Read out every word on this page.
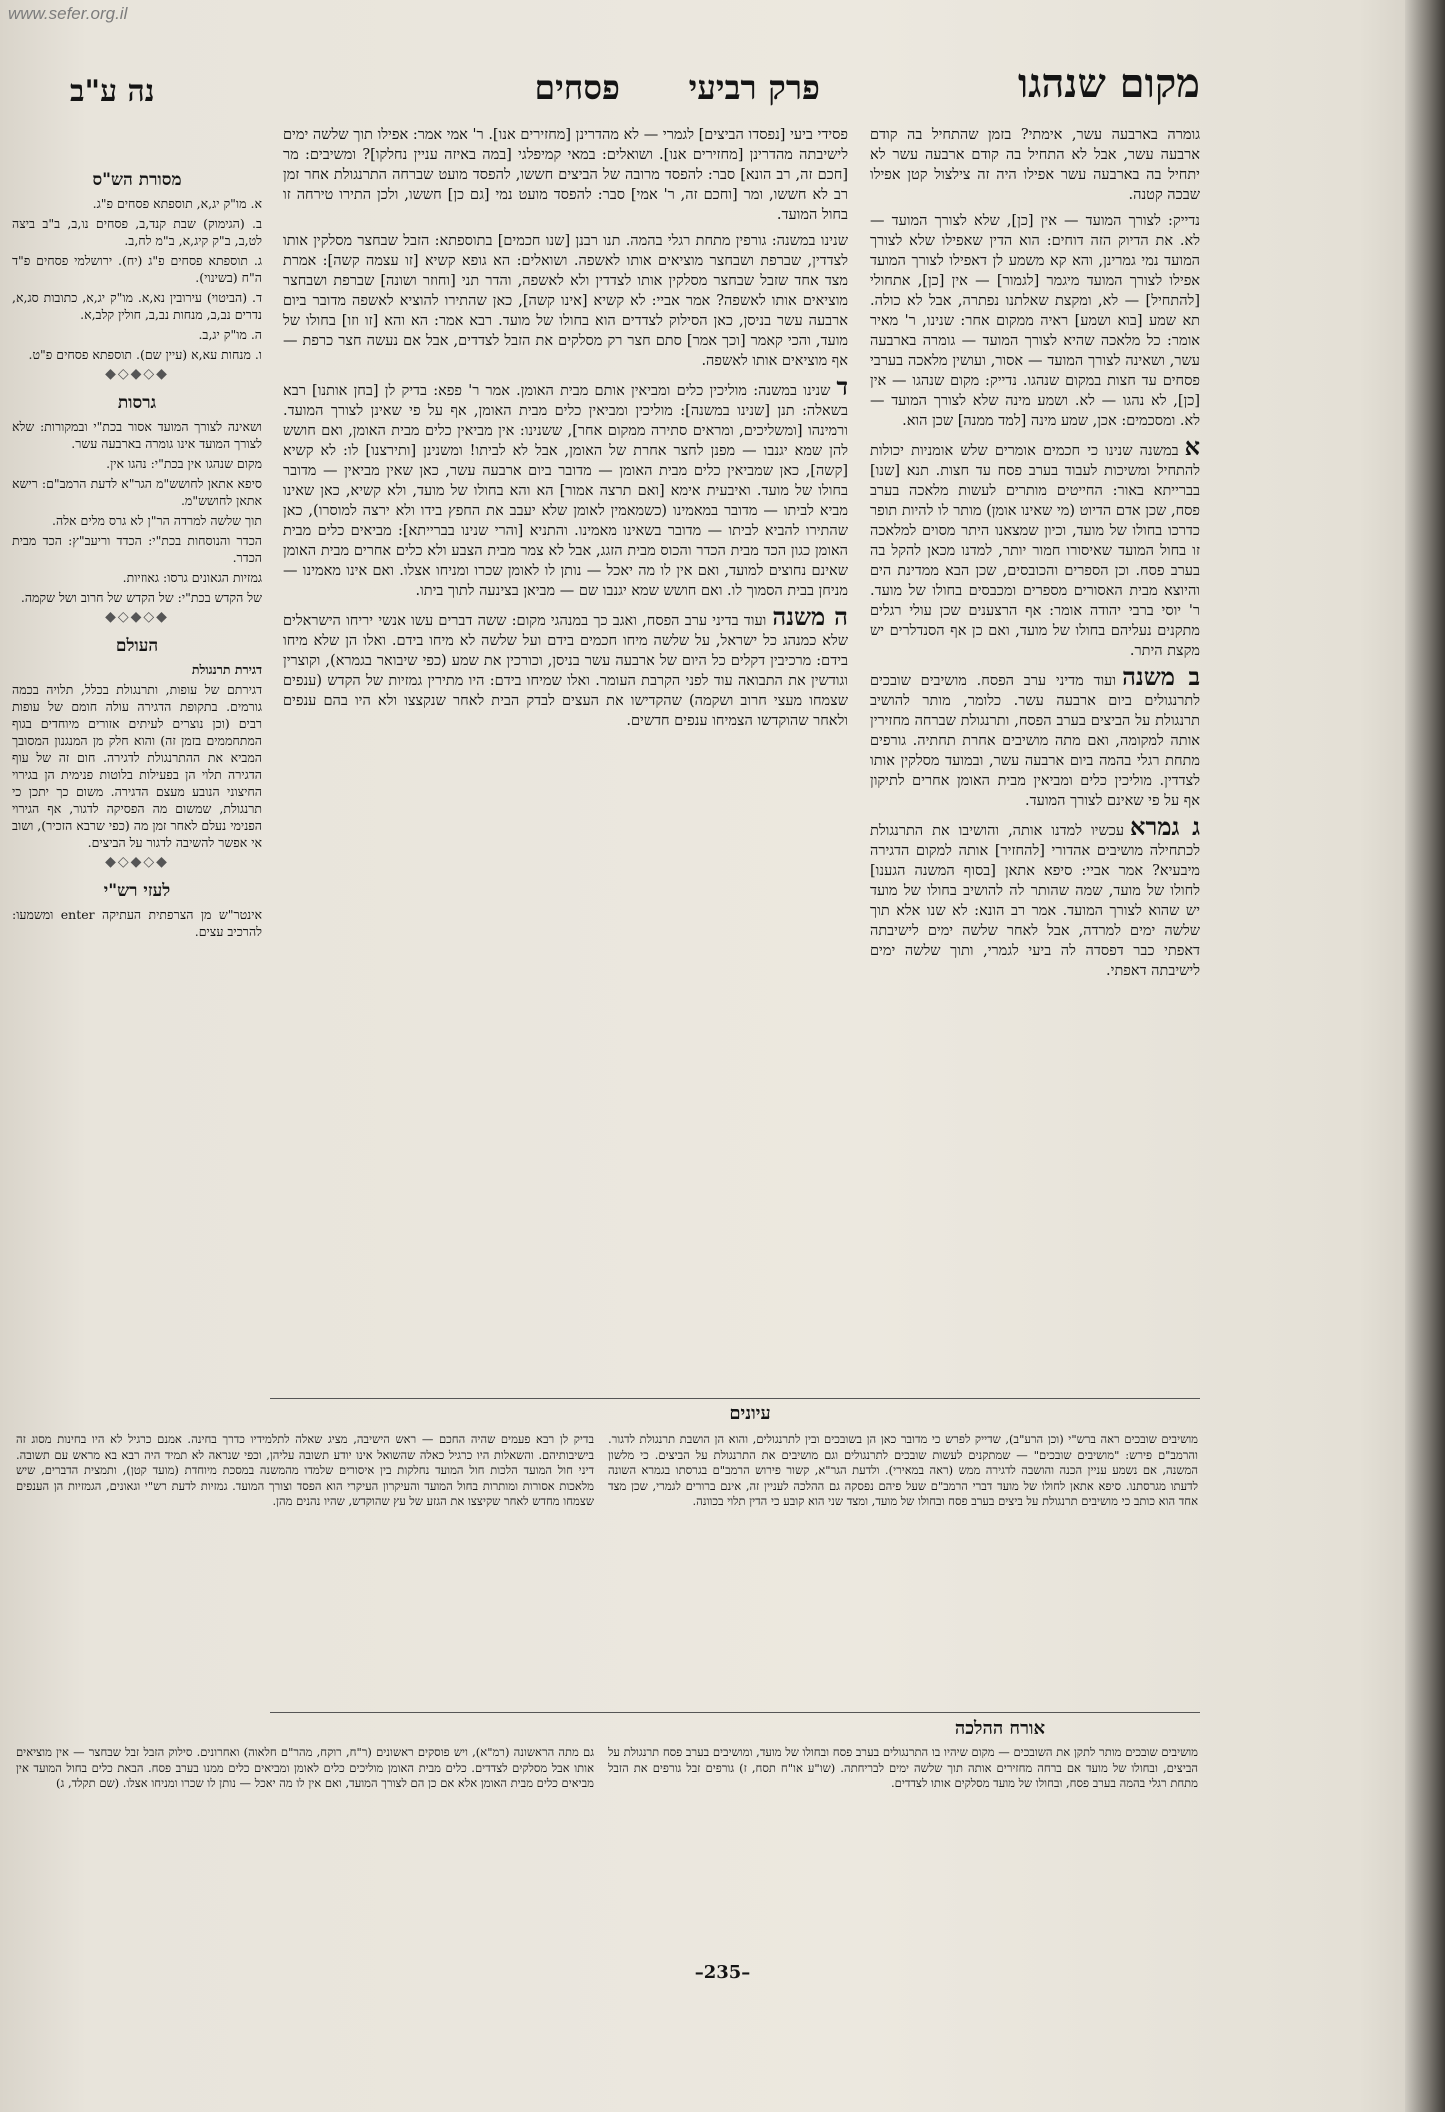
www.sefer.org.il
מקום שנהגו
פרק רביעי
פסחים
נה ע"ב

גומרה בארבעה עשר, אימתי? בזמן שהתחיל בה קודם ארבעה עשר, אבל לא התחיל בה קודם ארבעה עשר לא יתחיל בה בארבעה עשר אפילו היה זה צילצול קטן אפילו שבכה קטנה.

נדייק: לצורך המועד — אין [כן], שלא לצורך המועד — לא. את הדיוק הזה דוחים: הוא הדין שאפילו שלא לצורך המועד נמי גמרינן, והא קא משמע לן דאפילו לצורך המועד אפילו לצורך המועד מיגמר [לגמור] — אין [כן], אתחולי [להתחיל] — לא, ומקצת שאלתנו נפתרה, אבל לא כולה. תא שמע [בוא ושמע] ראיה ממקום אחר: שנינו, ר' מאיר אומר: כל מלאכה שהיא לצורך המועד — גומרה בארבעה עשר, ושאינה לצורך המועד — אסור, ועושין מלאכה בערבי פסחים עד חצות במקום שנהגו. נדייק: מקום שנהגו — אין [כן], לא נהגו — לא. ושמע מינה שלא לצורך המועד — לא. ומסכמים: אכן, שמע מינה [למד ממנה] שכן הוא.

אבמשנה שנינו כי חכמים אומרים שלש אומניות יכולות להתחיל ומשיכות לעבוד בערב פסח עד חצות. תנא [שנו] בברייתא באור: החייטים מותרים לעשות מלאכה בערב פסח, שכן אדם הדיוט (מי שאינו אומן) מותר לו להיות תופר כדרכו בחולו של מועד, וכיון שמצאנו היתר מסוים למלאכה זו בחול המועד שאיסורו חמור יותר, למדנו מכאן להקל בה בערב פסח. וכן הספרים והכובסים, שכן הבא ממדינת הים והיוצא מבית האסורים מספרים ומכבסים בחולו של מועד. ר' יוסי ברבי יהודה אומר: אף הרצענים שכן עולי רגלים מתקנים נעליהם בחולו של מועד, ואם כן אף הסנדלרים יש מקצת היתר.

ב משנהועוד מדיני ערב הפסח. מושיבים שובכים לתרנגולים ביום ארבעה עשר. כלומר, מותר להושיב תרנגולת על הביצים בערב הפסח, ותרנגולת שברחה מחזירין אותה למקומה, ואם מתה מושיבים אחרת תחתיה. גורפים מתחת רגלי בהמה ביום ארבעה עשר, ובמועד מסלקין אותו לצדדין. מוליכין כלים ומביאין מבית האומן אחרים לתיקון אף על פי שאינם לצורך המועד.

ג גמראעכשיו למדנו אותה, והושיבו את התרנגולת לכתחילה מושיבים אהדורי [להחזיר] אותה למקום הדגירה מיבעיא? אמר אביי: סיפא אתאן [בסוף המשנה הגענו] לחולו של מועד, שמה שהותר לה להושיב בחולו של מועד יש שהוא לצורך המועד. אמר רב הונא: לא שנו אלא תוך שלשה ימים למרדה, אבל לאחר שלשה ימים לישיבתה דאפתי כבר דפסדה לה ביעי לגמרי, ותוך שלשה ימים לישיבתה דאפתי.

פסידי ביעי [נפסדו הביצים] לגמרי — לא מהדרינן [מחזירים אנו]. ר' אמי אמר: אפילו תוך שלשה ימים לישיבתה מהדרינן [מחזירים אנו]. ושואלים: במאי קמיפלגי [במה באיזה עניין נחלקו]? ומשיבים: מר [חכם זה, רב הונא] סבר: להפסד מרובה של הביצים חששו, להפסד מועט שברחה התרנגולת אחר זמן רב לא חששו, ומר [וחכם זה, ר' אמי] סבר: להפסד מועט נמי [גם כן] חששו, ולכן התירו טירחה זו בחול המועד.

שנינו במשנה: גורפין מתחת רגלי בהמה. תנו רבנן [שנו חכמים] בתוספתא: הזבל שבחצר מסלקין אותו לצדדין, שברפת ושבחצר מוציאים אותו לאשפה. ושואלים: הא גופא קשיא [זו עצמה קשה]: אמרת מצד אחד שזבל שבחצר מסלקין אותו לצדדין ולא לאשפה, והדר תני [וחוזר ושונה] שברפת ושבחצר מוציאים אותו לאשפה? אמר אביי: לא קשיא [אינו קשה], כאן שהתירו להוציא לאשפה מדובר ביום ארבעה עשר בניסן, כאן הסילוק לצדדים הוא בחולו של מועד. רבא אמר: הא והא [זו וזו] בחולו של מועד, והכי קאמר [וכך אמר] סתם חצר רק מסלקים את הזבל לצדדים, אבל אם נעשה חצר כרפת — אף מוציאים אותו לאשפה.

דשנינו במשנה: מוליכין כלים ומביאין אותם מבית האומן. אמר ר' פפא: בדיק לן [בחן אותנו] רבא בשאלה: תנן [שנינו במשנה]: מוליכין ומביאין כלים מבית האומן, אף על פי שאינן לצורך המועד. ורמינהו [ומשליכים, ומראים סתירה ממקום אחר], ששנינו: אין מביאין כלים מבית האומן, ואם חושש להן שמא יגנבו — מפנן לחצר אחרת של האומן, אבל לא לביתו! ומשנינן [ותירצנו] לו: לא קשיא [קשה], כאן שמביאין כלים מבית האומן — מדובר ביום ארבעה עשר, כאן שאין מביאין — מדובר בחולו של מועד. ואיבעית אימא [ואם תרצה אמור] הא והא בחולו של מועד, ולא קשיא, כאן שאינו מביא לביתו — מדובר במאמינו (כשמאמין לאומן שלא יעבב את החפץ בידו ולא ירצה למוסרו), כאן שהתירו להביא לביתו — מדובר בשאינו מאמינו. והתניא [והרי שנינו בברייתא]: מביאים כלים מבית האומן כגון הכד מבית הכדר והכוס מבית הזגג, אבל לא צמר מבית הצבע ולא כלים אחרים מבית האומן שאינם נחוצים למועד, ואם אין לו מה יאכל — נותן לו לאומן שכרו ומניחו אצלו. ואם אינו מאמינו — מניחן בבית הסמוך לו. ואם חושש שמא יגנבו שם — מביאן בצינעה לתוך ביתו.

ה משנהועוד בדיני ערב הפסח, ואגב כך במנהגי מקום: ששה דברים עשו אנשי יריחו הישראלים שלא כמנהג כל ישראל, על שלשה מיחו חכמים בידם ועל שלשה לא מיחו בידם. ואלו הן שלא מיחו בידם: מרכיבין דקלים כל היום של ארבעה עשר בניסן, וכורכין את שמע (כפי שיבואר בגמרא), וקוצרין וגודשין את התבואה עוד לפני הקרבת העומר. ואלו שמיחו בידם: היו מתירין גמזיות של הקדש (ענפים שצמחו מעצי חרוב ושקמה) שהקדישו את העצים לבדק הבית לאחר שנקצצו ולא היו בהם ענפים ולאחר שהוקדשו הצמיחו ענפים חדשים.

מסורת הש"ס
א. מו"ק יג,א, תוספתא פסחים פ"ג.
ב. (הגימוק) שבת קנד,ב, פסחים נו,ב, ב"ב ביצה לט,ב, ב"ק קיג,א, ב"מ לח,ב.
ג. תוספתא פסחים פ"ג (יח). ירושלמי פסחים פ"ד ה"ח (בשינוי).
ד. (הביטוי) עירובין נא,א. מו"ק יג,א, כתובות סג,א, נדרים נב,ב, מנחות נב,ב, חולין קלב,א.
ה. מו"ק יג,ב.
ו. מנחות עא,א (עיין שם). תוספתא פסחים פ"ט.
◆◇◆◇◆
גרסות
ושאינה לצורך המועד אסור בכת"י ובמקורות: שלא לצורך המועד אינו גומרה בארבעה עשר.
מקום שנהגו אין בכת"י: נהגו אין.
סיפא אתאן לחושש"מ הגר"א לדעת הרמב"ם: רישא אתאן לחושש"מ.
תוך שלשה למרדה הר"ן לא גרס מלים אלה.
הכדר והנוסחות בכת"י: הכדד וריעב"ץ: הכד מבית הכדר.
גמזיות הגאונים גרסו: גאוזיות.
של הקדש בכת"י: של הקדש של חרוב ושל שקמה.
◆◇◆◇◆
העולם
דגירת תרנגולת
דגירתם של עופות, ותרנגולת בכלל, תלויה בכמה גורמים. בתקופת הדגירה עולה חומם של עופות רבים (וכן נוצרים לעיתים אזורים מיוחדים בגוף המתחממים בזמן זה) והוא חלק מן המנגנון המסובך המביא את ההתרנגולת לדגירה. חום זה של עוף הדגירה תלוי הן בפעילות בלוטות פנימית הן בגירוי החיצוני הנובע מעצם הדגירה. משום כך יתכן כי תרנגולת, שמשום מה הפסיקה לדגור, אף הגירוי הפנימי נעלם לאחר זמן מה (כפי שרבא הזכיר), ושוב אי אפשר להשיבה לדגור על הביצים.
◆◇◆◇◆
לעזי רש"י
אינטר"ש מן הצרפתית העתיקה enter ומשמעו: להרכיב עצים.
עיונים
מושיבים שובכים ראה ברש"י (וכן הרע"ב), שדייק לפרש כי מדובר כאן הן בשובכים ובין לתרנגולים, והוא הן הושבת תרנגולת לדגור. והרמב"ם פירש: "מושיבים שובכים" — שמתקנים לעשות שובכים לתרנגולים וגם מושיבים את התרנגולת על הביצים. כי מלשון המשנה, אם נשמע עניין הכנה והושבה לדגירה ממש (ראה במאירי). ולדעת הגר"א, קשור פירוש הרמב"ם בגרסתו בגמרא השונה לדעתו מגרסתנו. סיפא אתאן לחולו של מועד דברי הרמב"ם שעל פיהם נפסקה גם ההלכה לעניין זה, אינם ברורים לגמרי, שכן מצד אחד הוא כותב כי מושיבים תרנגולת על ביצים בערב פסח ובחולו של מועד, ומצד שני הוא קובע כי הדין תלוי בכוונה.
בדיק לן רבא פעמים שהיה החכם — ראש הישיבה, מציג שאלה לתלמידיו כדרך בחינה. אמנם כרגיל לא היו בחינות מסוג זה בישיבותיהם. והשאלות היו כרגיל כאלה שהשואל אינו יודע תשובה עליהן, וכפי שנראה לא תמיד היה רבא בא מראש עם תשובה. דיני חול המועד הלכות חול המועד נחלקות בין איסורים שלמדו מהמשנה במסכת מיוחדת (מועד קטן), ותמצית הדברים, שיש מלאכות אסורות ומותרות בחול המועד והעיקרון העיקרי הוא הפסד וצורך המועד. גמזיות לדעת רש"י וגאונים, הגמזיות הן הענפים שצמחו מחדש לאחר שקיצצו את הגזע של עץ שהוקדש, שהיו נהנים מהן.
אורח ההלכה
מושיבים שובכים מותר לתקן את השובכים — מקום שיהיו בו התרנגולים בערב פסח ובחולו של מועד, ומושיבים בערב פסח תרנגולת על הביצים, ובחולו של מועד אם ברחה מחזירים אותה תוך שלשה ימים לבריחתה. (שו"ע או"ח תסח, ז) גורפים זבל גורפים את הזבל מתחת רגלי בהמה בערב פסח, ובחולו של מועד מסלקים אותו לצדדים.
גם מתה הראשונה (רמ"א), ויש פוסקים ראשונים (ר"ח, רוקח, מהר"ם חלאוה) ואחרונים. סילוק הזבל זבל שבחצר — אין מוציאים אותו אבל מסלקים לצדדים. כלים מבית האומן מוליכים כלים לאומן ומביאים כלים ממנו בערב פסח. הבאת כלים בחול המועד אין מביאים כלים מבית האומן אלא אם כן הם לצורך המועד, ואם אין לו מה יאכל — נותן לו שכרו ומניחו אצלו. (שם תקלד, ג)
–235–
